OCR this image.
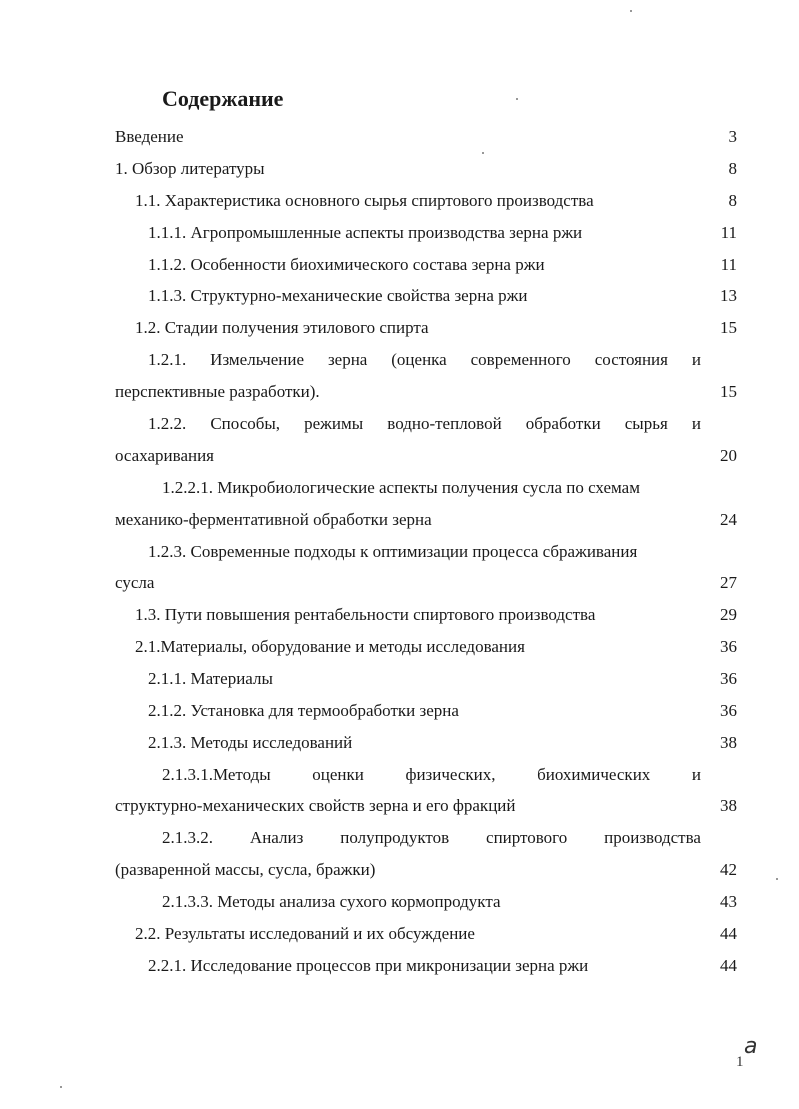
Содержание
Введение	3
1. Обзор литературы	8
1.1. Характеристика основного сырья спиртового производства	8
1.1.1. Агропромышленные аспекты производства зерна ржи	11
1.1.2. Особенности биохимического состава зерна ржи	11
1.1.3. Структурно-механические свойства зерна ржи	13
1.2. Стадии получения этилового спирта	15
1.2.1. Измельчение зерна (оценка современного состояния и
перспективные разработки).	15
1.2.2. Способы, режимы водно-тепловой обработки сырья и
осахаривания	20
1.2.2.1. Микробиологические аспекты получения сусла по схемам
механико-ферментативной обработки зерна	24
1.2.3. Современные подходы к оптимизации процесса сбраживания
сусла	27
1.3. Пути повышения рентабельности спиртового производства	29
2.1.Материалы, оборудование и методы исследования	36
2.1.1. Материалы	36
2.1.2. Установка для термообработки зерна	36
2.1.3. Методы исследований	38
2.1.3.1.Методы оценки физических, биохимических и
структурно-механических свойств зерна и его фракций	38
2.1.3.2. Анализ полупродуктов спиртового производства
(разваренной массы, сусла, бражки)	42
2.1.3.3. Методы анализа сухого кормопродукта	43
2.2. Результаты исследований и их обсуждение	44
2.2.1. Исследование процессов при микронизации зерна ржи	44
a
1
